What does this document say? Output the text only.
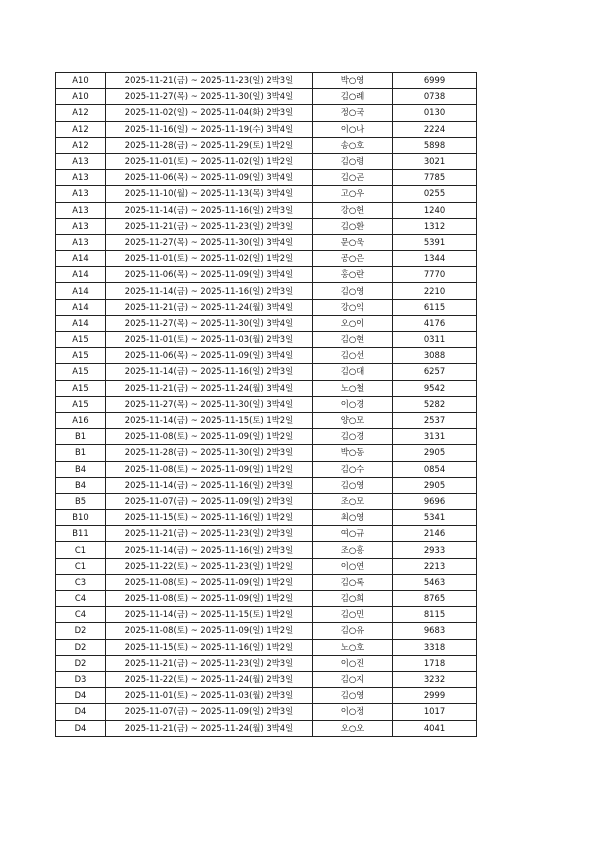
A10	2025-11-21(금) ~ 2025-11-23(일) 2박3일	박○영	6999
A10	2025-11-27(목) ~ 2025-11-30(일) 3박4일	김○례	0738
A12	2025-11-02(일) ~ 2025-11-04(화) 2박3일	정○국	0130
A12	2025-11-16(일) ~ 2025-11-19(수) 3박4일	이○나	2224
A12	2025-11-28(금) ~ 2025-11-29(토) 1박2일	송○호	5898
A13	2025-11-01(토) ~ 2025-11-02(일) 1박2일	김○령	3021
A13	2025-11-06(목) ~ 2025-11-09(일) 3박4일	김○곤	7785
A13	2025-11-10(월) ~ 2025-11-13(목) 3박4일	고○우	0255
A13	2025-11-14(금) ~ 2025-11-16(일) 2박3일	강○헌	1240
A13	2025-11-21(금) ~ 2025-11-23(일) 2박3일	김○환	1312
A13	2025-11-27(목) ~ 2025-11-30(일) 3박4일	문○욱	5391
A14	2025-11-01(토) ~ 2025-11-02(일) 1박2일	공○은	1344
A14	2025-11-06(목) ~ 2025-11-09(일) 3박4일	홍○란	7770
A14	2025-11-14(금) ~ 2025-11-16(일) 2박3일	김○영	2210
A14	2025-11-21(금) ~ 2025-11-24(월) 3박4일	강○익	6115
A14	2025-11-27(목) ~ 2025-11-30(일) 3박4일	오○이	4176
A15	2025-11-01(토) ~ 2025-11-03(월) 2박3일	김○현	0311
A15	2025-11-06(목) ~ 2025-11-09(일) 3박4일	김○선	3088
A15	2025-11-14(금) ~ 2025-11-16(일) 2박3일	김○대	6257
A15	2025-11-21(금) ~ 2025-11-24(월) 3박4일	노○철	9542
A15	2025-11-27(목) ~ 2025-11-30(일) 3박4일	이○경	5282
A16	2025-11-14(금) ~ 2025-11-15(토) 1박2일	양○모	2537
B1	2025-11-08(토) ~ 2025-11-09(일) 1박2일	김○경	3131
B1	2025-11-28(금) ~ 2025-11-30(일) 2박3일	박○동	2905
B4	2025-11-08(토) ~ 2025-11-09(일) 1박2일	김○수	0854
B4	2025-11-14(금) ~ 2025-11-16(일) 2박3일	김○영	2905
B5	2025-11-07(금) ~ 2025-11-09(일) 2박3일	조○모	9696
B10	2025-11-15(토) ~ 2025-11-16(일) 1박2일	최○영	5341
B11	2025-11-21(금) ~ 2025-11-23(일) 2박3일	여○규	2146
C1	2025-11-14(금) ~ 2025-11-16(일) 2박3일	조○흥	2933
C1	2025-11-22(토) ~ 2025-11-23(일) 1박2일	이○연	2213
C3	2025-11-08(토) ~ 2025-11-09(일) 1박2일	김○록	5463
C4	2025-11-08(토) ~ 2025-11-09(일) 1박2일	김○희	8765
C4	2025-11-14(금) ~ 2025-11-15(토) 1박2일	김○민	8115
D2	2025-11-08(토) ~ 2025-11-09(일) 1박2일	김○유	9683
D2	2025-11-15(토) ~ 2025-11-16(일) 1박2일	노○호	3318
D2	2025-11-21(금) ~ 2025-11-23(일) 2박3일	이○진	1718
D3	2025-11-22(토) ~ 2025-11-24(월) 2박3일	김○지	3232
D4	2025-11-01(토) ~ 2025-11-03(월) 2박3일	김○영	2999
D4	2025-11-07(금) ~ 2025-11-09(일) 2박3일	이○정	1017
D4	2025-11-21(금) ~ 2025-11-24(월) 3박4일	오○오	4041
